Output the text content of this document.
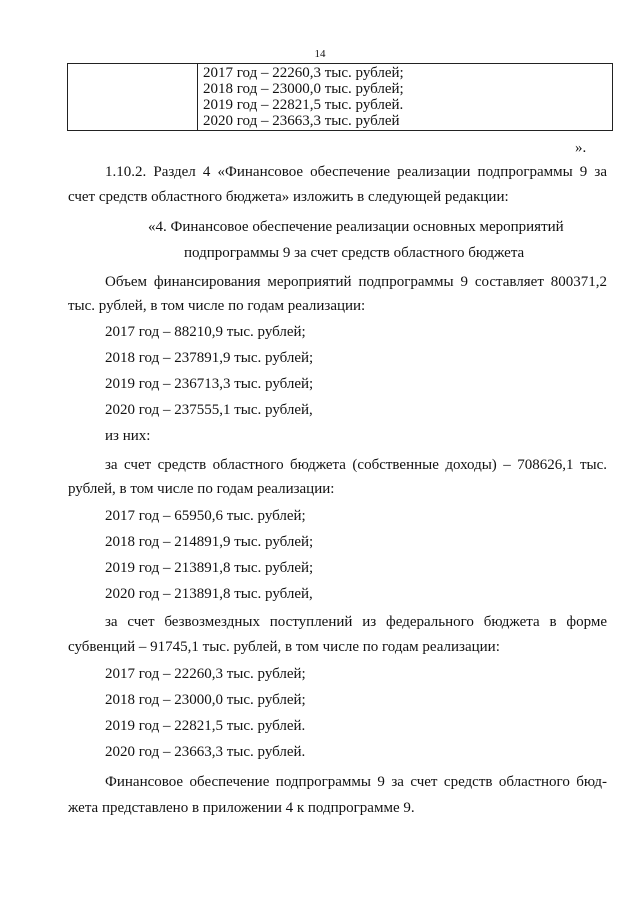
14
2017 год – 22260,3 тыс. рублей;
2018 год – 23000,0 тыс. рублей;
2019 год – 22821,5 тыс. рублей.
2020 год – 23663,3 тыс. рублей
».
1.10.2. Раздел 4 «Финансовое обеспечение реализации подпрограммы 9 за
счет средств областного бюджета» изложить в следующей редакции:
«4. Финансовое обеспечение реализации основных мероприятий
подпрограммы 9 за счет средств областного бюджета
Объем финансирования мероприятий подпрограммы 9 составляет 800371,2
тыс. рублей, в том числе по годам реализации:
2017 год – 88210,9 тыс. рублей;
2018 год – 237891,9 тыс. рублей;
2019 год – 236713,3 тыс. рублей;
2020 год – 237555,1 тыс. рублей,
из них:
за счет средств областного бюджета (собственные доходы) – 708626,1 тыс.
рублей, в том числе по годам реализации:
2017 год – 65950,6 тыс. рублей;
2018 год – 214891,9 тыс. рублей;
2019 год – 213891,8 тыс. рублей;
2020 год – 213891,8 тыс. рублей,
за счет безвозмездных поступлений из федерального бюджета в форме
субвенций – 91745,1 тыс. рублей, в том числе по годам реализации:
2017 год – 22260,3 тыс. рублей;
2018 год – 23000,0 тыс. рублей;
2019 год – 22821,5 тыс. рублей.
2020 год – 23663,3 тыс. рублей.
Финансовое обеспечение подпрограммы 9 за счет средств областного бюд-
жета представлено в приложении 4 к подпрограмме 9.
